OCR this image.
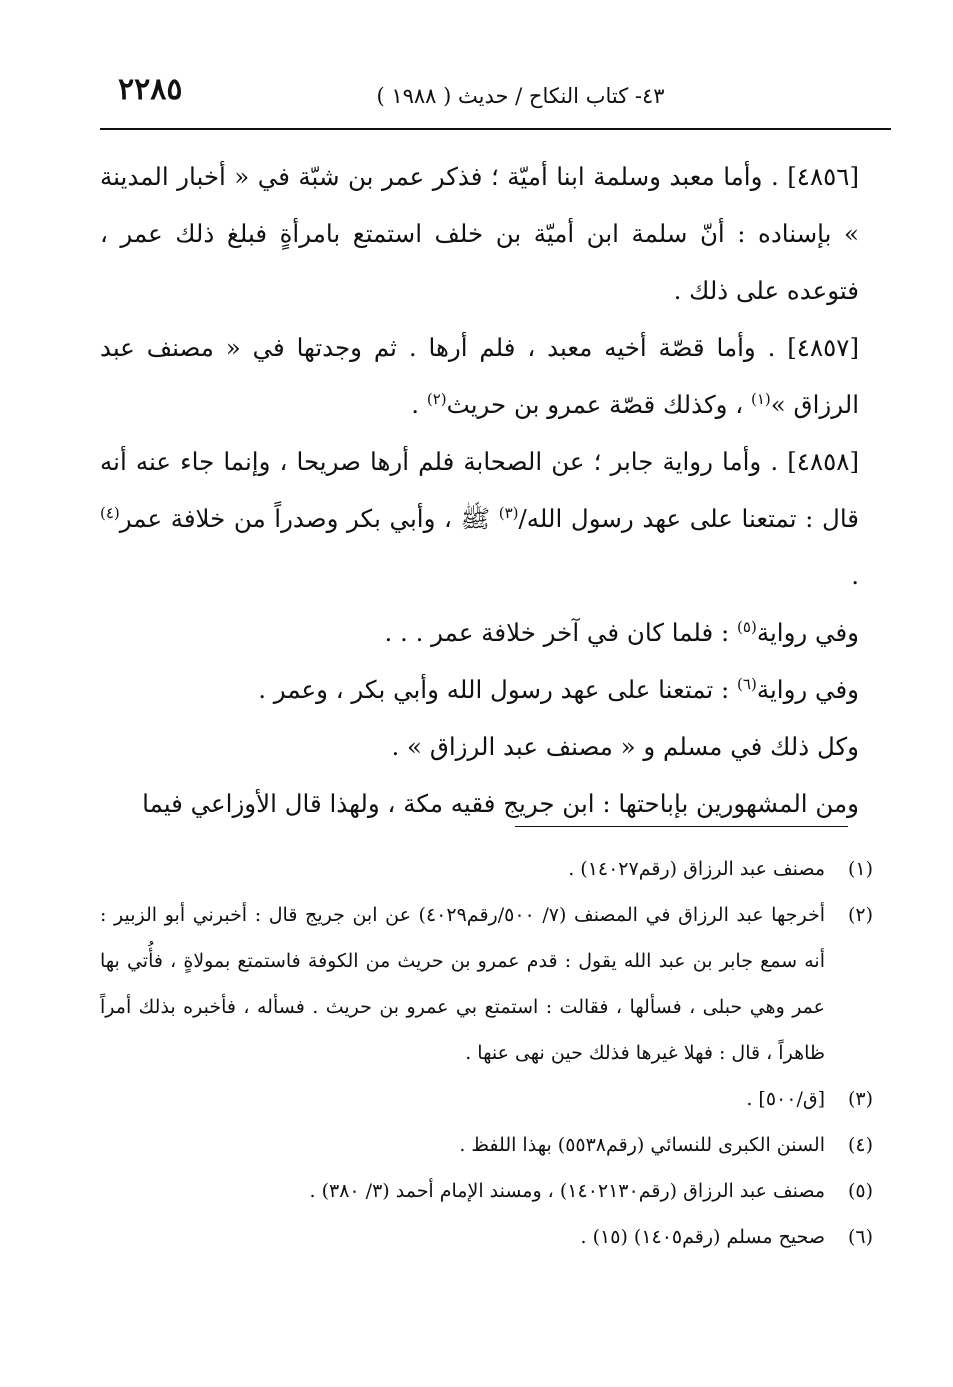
٢٢٨٥	٤٣- كتاب النكاح / حديث ( ١٩٨٨ )

[٤٨٥٦] . وأما معبد وسلمة ابنا أميّة ؛ فذكر عمر بن شبّة في « أخبار المدينة » بإسناده : أنّ سلمة ابن أميّة بن خلف استمتع بامرأةٍ فبلغ ذلك عمر ، فتوعده على ذلك .

[٤٨٥٧] . وأما قصّة أخيه معبد ، فلم أرها . ثم وجدتها في « مصنف عبد الرزاق »$^{(١)}$ ، وكذلك قصّة عمرو بن حريث$^{(٢)}$ .

[٤٨٥٨] . وأما رواية جابر ؛ عن الصحابة فلم أرها صريحا ، وإنما جاء عنه أنه قال : تمتعنا على عهد رسول الله/$^{(٣)}$ ﷺ ، وأبي بكر وصدراً من خلافة عمر$^{(٤)}$ .

وفي رواية$^{(٥)}$ : فلما كان في آخر خلافة عمر . . .

وفي رواية$^{(٦)}$ : تمتعنا على عهد رسول الله وأبي بكر ، وعمر .

وكل ذلك في مسلم و « مصنف عبد الرزاق » .

ومن المشهورين بإباحتها : ابن جريج فقيه مكة ، ولهذا قال الأوزاعي فيما

(١)
مصنف عبد الرزاق (رقم١٤٠٢٧) .
(٢)
أخرجها عبد الرزاق في المصنف (٧/ ٥٠٠/رقم٤٠٢٩) عن ابن جريج قال : أخبرني أبو الزبير : أنه سمع جابر بن عبد الله يقول : قدم عمرو بن حريث من الكوفة فاستمتع بمولاةٍ ، فأُتي بها عمر وهي حبلى ، فسألها ، فقالت : استمتع بي عمرو بن حريث . فسأله ، فأخبره بذلك أمراً ظاهراً ، قال : فهلا غيرها فذلك حين نهى عنها .
(٣)
[ق/٥٠٠] .
(٤)
السنن الكبرى للنسائي (رقم٥٥٣٨) بهذا اللفظ .
(٥)
مصنف عبد الرزاق (رقم١٤٠٢١٣٠) ، ومسند الإمام أحمد (٣/ ٣٨٠) .
(٦)
صحيح مسلم (رقم١٤٠٥) (١٥) .
